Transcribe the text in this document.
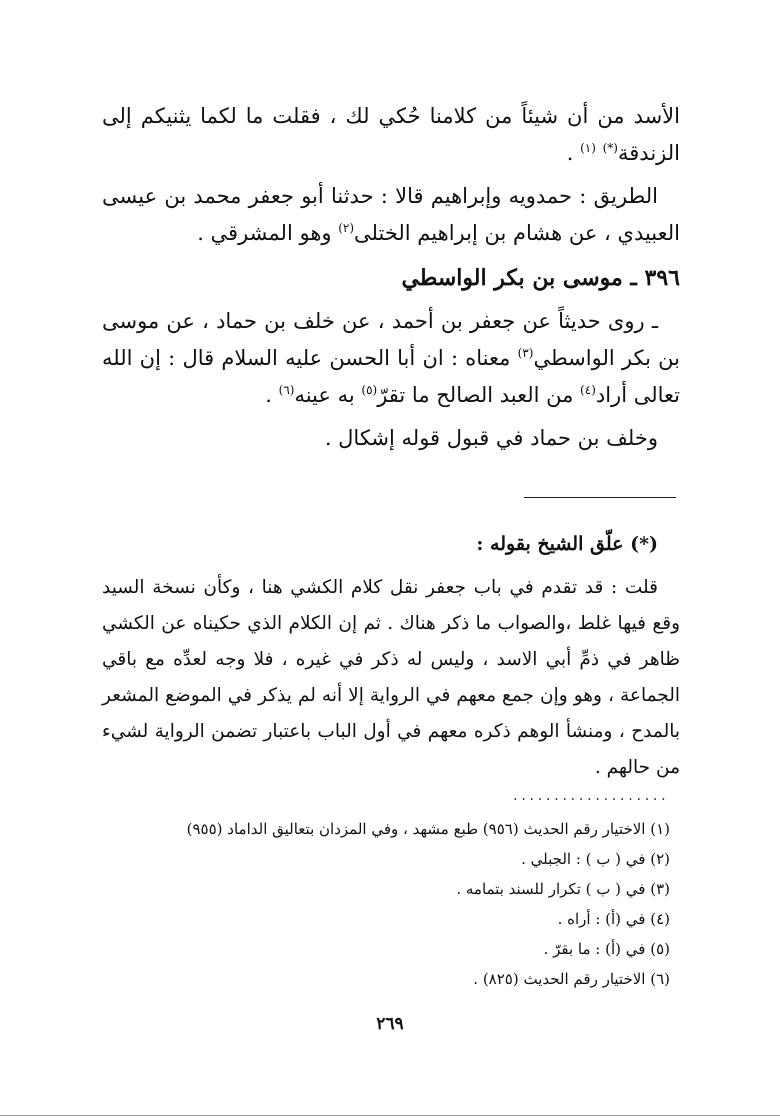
الأسد من أن شيئاً من كلامنا حُكي لك ، فقلت ما لكما يثنيكم إلى الزندقة(*) $^{(١)}$ .

الطريق : حمدويه وإبراهيم قالا : حدثنا أبو جعفر محمد بن عيسى العبيدي ، عن هشام بن إبراهيم الختلى$^{(٢)}$ وهو المشرقي .

٣٩٦ ـ موسى بن بكر الواسطي

ـ روى حديثاً عن جعفر بن أحمد ، عن خلف بن حماد ، عن موسى بن بكر الواسطي$^{(٣)}$ معناه : ان أبا الحسن عليه السلام قال : إن الله تعالى أراد$^{(٤)}$ من العبد الصالح ما تقرّ$^{(٥)}$ به عينه$^{(٦)}$ .

وخلف بن حماد في قبول قوله إشكال .

(*) علّق الشيخ بقوله :

قلت : قد تقدم في باب جعفر نقل كلام الكشي هنا ، وكأن نسخة السيد وقع فيها غلط ،والصواب ما ذكر هناك . ثم إن الكلام الذي حكيناه عن الكشي ظاهر في ذمِّ أبي الاسد ، وليس له ذكر في غيره ، فلا وجه لعدِّه مع باقي الجماعة ، وهو وإن جمع معهم في الرواية إلا أنه لم يذكر في الموضع المشعر بالمدح ، ومنشأ الوهم ذكره معهم في أول الباب باعتبار تضمن الرواية لشيء من حالهم .

...................
(١) الاختيار رقم الحديث (٩٥٦) طبع مشهد ، وفي المزدان بتعاليق الداماد (٩٥٥)
(٢) في ( ب ) : الجبلي .
(٣) في ( ب ) تكرار للسند بتمامه .
(٤) في (أ) : أراه .
(٥) في (أ) : ما بقرّ .
(٦) الاختيار رقم الحديث (٨٢٥) .
٢٦٩
